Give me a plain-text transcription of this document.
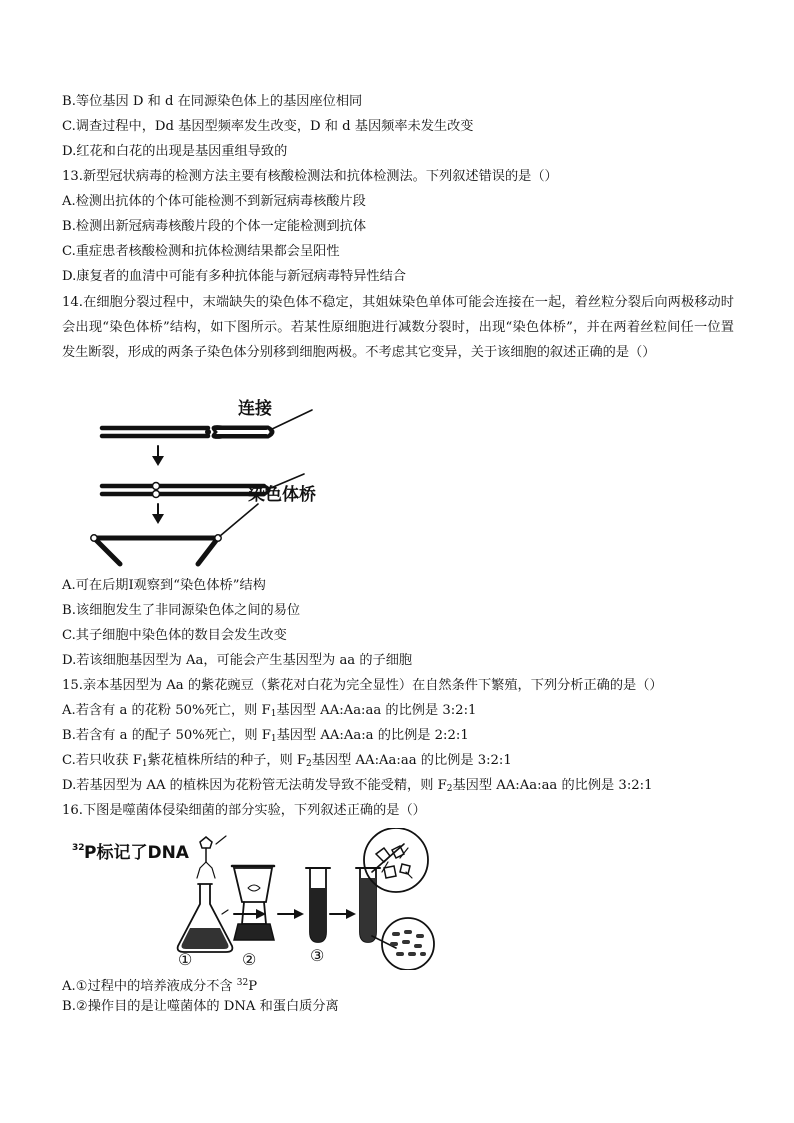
B.等位基因 D 和 d 在同源染色体上的基因座位相同
C.调查过程中，Dd 基因型频率发生改变，D 和 d 基因频率未发生改变
D.红花和白花的出现是基因重组导致的
13.新型冠状病毒的检测方法主要有核酸检测法和抗体检测法。下列叙述错误的是（）
A.检测出抗体的个体可能检测不到新冠病毒核酸片段
B.检测出新冠病毒核酸片段的个体一定能检测到抗体
C.重症患者核酸检测和抗体检测结果都会呈阳性
D.康复者的血清中可能有多种抗体能与新冠病毒特异性结合
14.在细胞分裂过程中，末端缺失的染色体不稳定，其姐妹染色单体可能会连接在一起，着丝粒分裂后向两极移动时会出现“染色体桥”结构，如下图所示。若某性原细胞进行减数分裂时，出现“染色体桥”，并在两着丝粒间任一位置发生断裂，形成的两条子染色体分别移到细胞两极。不考虑其它变异，关于该细胞的叙述正确的是（）
连接
染色体桥
A.可在后期Ⅰ观察到“染色体桥”结构
B.该细胞发生了非同源染色体之间的易位
C.其子细胞中染色体的数目会发生改变
D.若该细胞基因型为 Aa，可能会产生基因型为 aa 的子细胞
15.亲本基因型为 Aa 的紫花豌豆（紫花对白花为完全显性）在自然条件下繁殖，下列分析正确的是（）
A.若含有 a 的花粉 50%死亡，则 $F_1$基因型 AA:Aa:aa 的比例是 3:2:1
B.若含有 a 的配子 50%死亡，则 $F_1$基因型 AA:Aa:a 的比例是 2:2:1
C.若只收获 $F_1$紫花植株所结的种子，则 $F_2$基因型 AA:Aa:aa 的比例是 3:2:1
D.若基因型为 AA 的植株因为花粉管无法萌发导致不能受精，则 $F_2$基因型 AA:Aa:aa 的比例是 3:2:1
16.下图是噬菌体侵染细菌的部分实验，下列叙述正确的是（）
32 P标记了DNA
①	②	③
A.①过程中的培养液成分不含 $^{32}$P
B.②操作目的是让噬菌体的 DNA 和蛋白质分离
